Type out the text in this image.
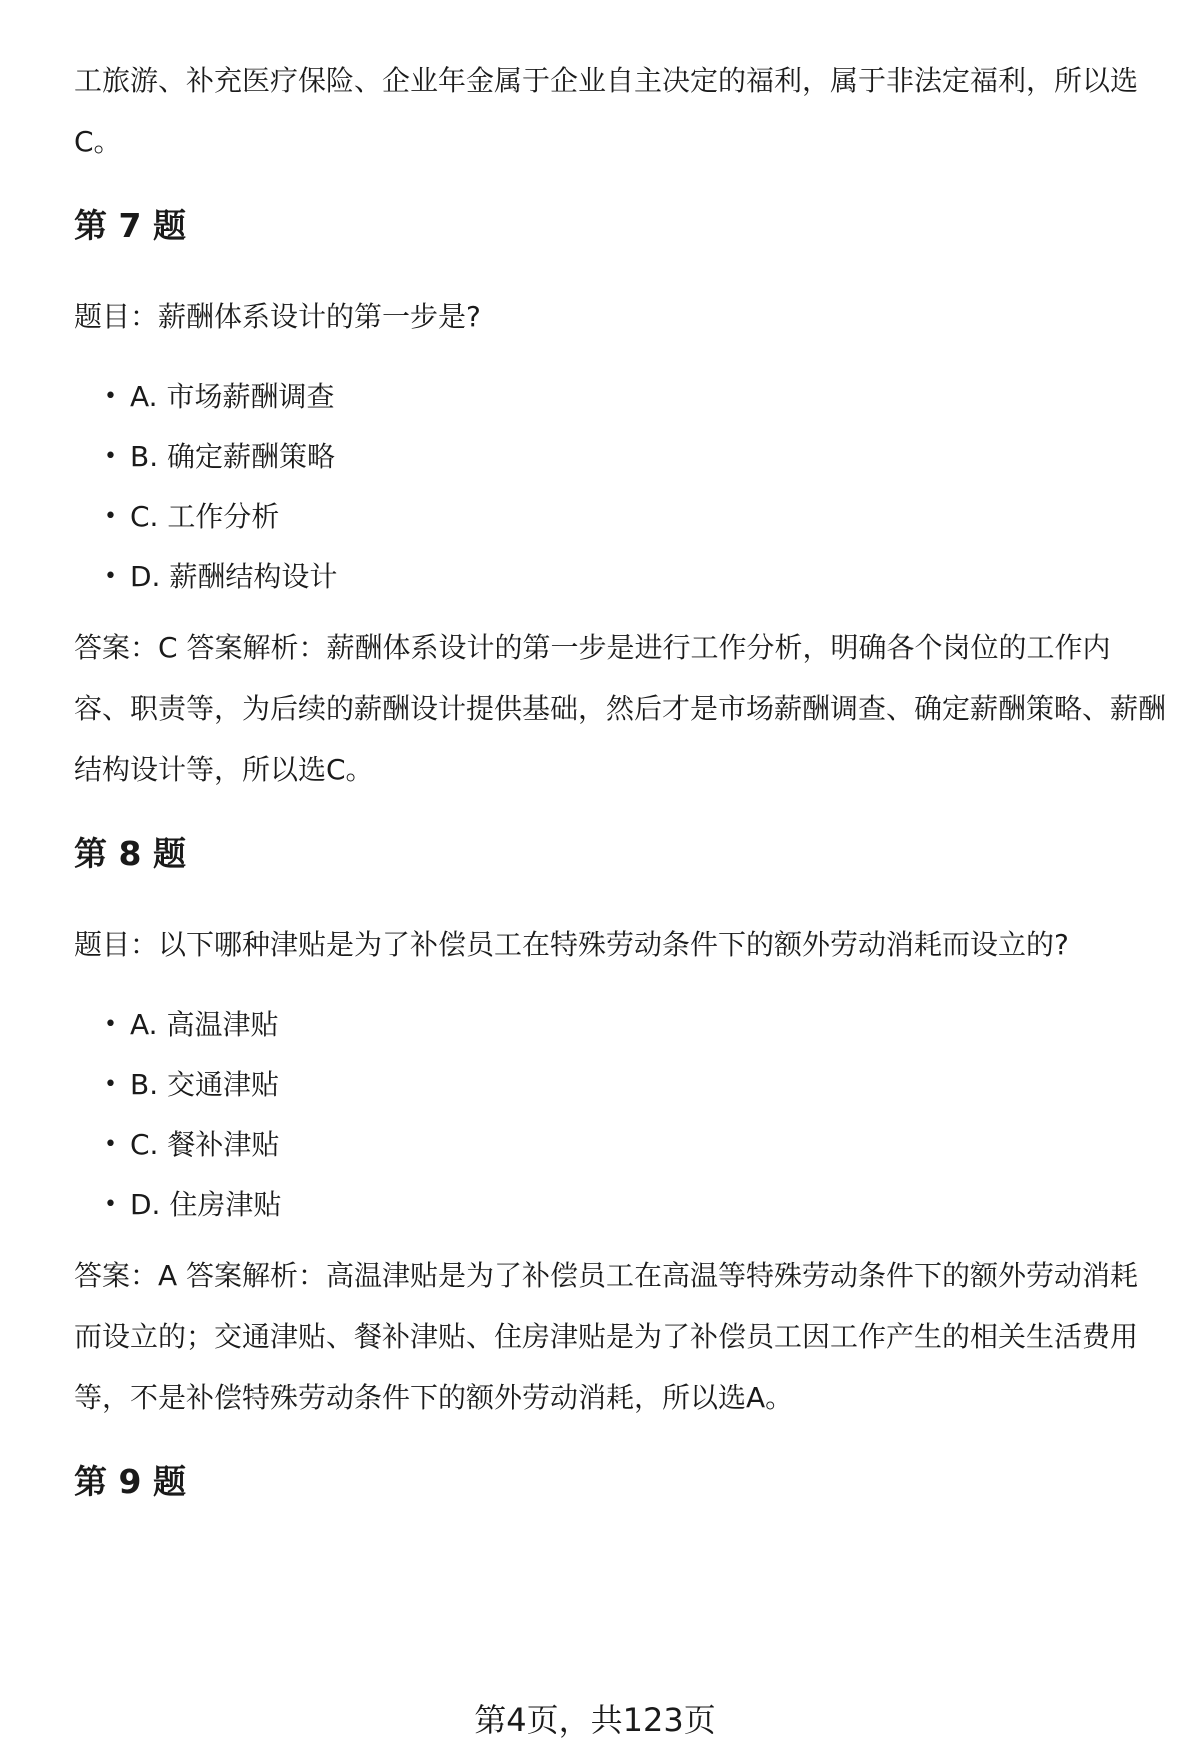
工旅游、补充医疗保险、企业年金属于企业自主决定的福利，属于非法定福利，所以选C。

第 7 题

题目：薪酬体系设计的第一步是?

• A. 市场薪酬调查
• B. 确定薪酬策略
• C. 工作分析
• D. 薪酬结构设计

答案：C 答案解析：薪酬体系设计的第一步是进行工作分析，明确各个岗位的工作内容、职责等，为后续的薪酬设计提供基础，然后才是市场薪酬调查、确定薪酬策略、薪酬结构设计等，所以选C。

第 8 题

题目：以下哪种津贴是为了补偿员工在特殊劳动条件下的额外劳动消耗而设立的?

• A. 高温津贴
• B. 交通津贴
• C. 餐补津贴
• D. 住房津贴

答案：A 答案解析：高温津贴是为了补偿员工在高温等特殊劳动条件下的额外劳动消耗而设立的；交通津贴、餐补津贴、住房津贴是为了补偿员工因工作产生的相关生活费用等，不是补偿特殊劳动条件下的额外劳动消耗，所以选A。

第 9 题
第4页，共123页
